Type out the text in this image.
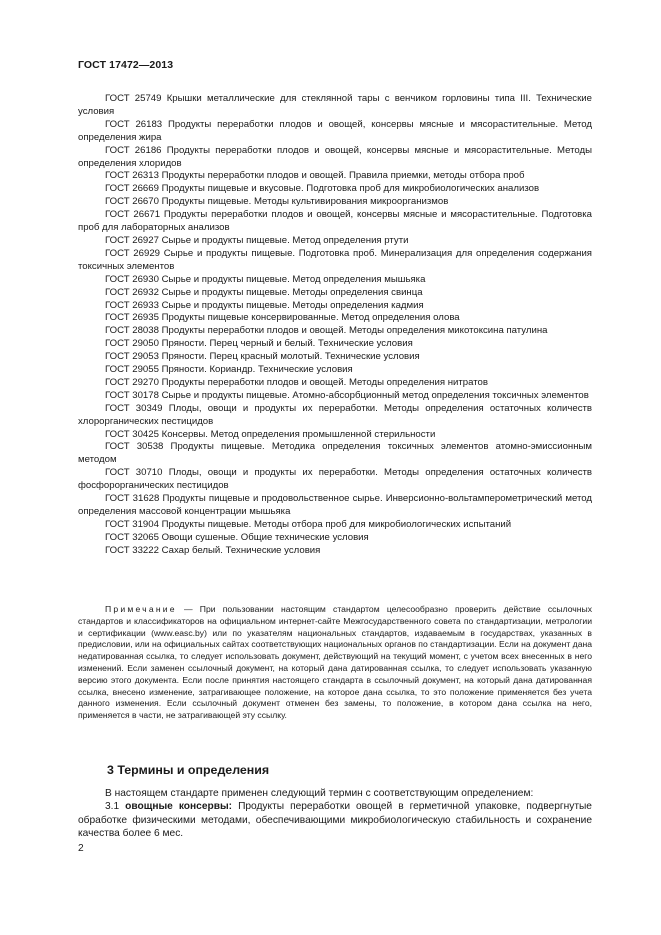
ГОСТ 17472—2013

ГОСТ 25749 Крышки металлические для стеклянной тары с венчиком горловины типа III. Технические условия

ГОСТ 26183 Продукты переработки плодов и овощей, консервы мясные и мясорастительные. Метод определения жира

ГОСТ 26186 Продукты переработки плодов и овощей, консервы мясные и мясорастительные. Методы определения хлоридов

ГОСТ 26313 Продукты переработки плодов и овощей. Правила приемки, методы отбора проб

ГОСТ 26669 Продукты пищевые и вкусовые. Подготовка проб для микробиологических анализов

ГОСТ 26670 Продукты пищевые. Методы культивирования микроорганизмов

ГОСТ 26671 Продукты переработки плодов и овощей, консервы мясные и мясорастительные. Подготовка проб для лабораторных анализов

ГОСТ 26927 Сырье и продукты пищевые. Метод определения ртути

ГОСТ 26929 Сырье и продукты пищевые. Подготовка проб. Минерализация для определения содержания токсичных элементов

ГОСТ 26930 Сырье и продукты пищевые. Метод определения мышьяка

ГОСТ 26932 Сырье и продукты пищевые. Методы определения свинца

ГОСТ 26933 Сырье и продукты пищевые. Методы определения кадмия

ГОСТ 26935 Продукты пищевые консервированные. Метод определения олова

ГОСТ 28038 Продукты переработки плодов и овощей. Методы определения микотоксина патулина

ГОСТ 29050 Пряности. Перец черный и белый. Технические условия

ГОСТ 29053 Пряности. Перец красный молотый. Технические условия

ГОСТ 29055 Пряности. Кориандр. Технические условия

ГОСТ 29270 Продукты переработки плодов и овощей. Методы определения нитратов

ГОСТ 30178 Сырье и продукты пищевые. Атомно-абсорбционный метод определения токсичных элементов

ГОСТ 30349 Плоды, овощи и продукты их переработки. Методы определения остаточных количеств хлорорганических пестицидов

ГОСТ 30425 Консервы. Метод определения промышленной стерильности

ГОСТ 30538 Продукты пищевые. Методика определения токсичных элементов атомно-эмиссионным методом

ГОСТ 30710 Плоды, овощи и продукты их переработки. Методы определения остаточных количеств фосфорорганических пестицидов

ГОСТ 31628 Продукты пищевые и продовольственное сырье. Инверсионно-вольтамперометрический метод определения массовой концентрации мышьяка

ГОСТ 31904 Продукты пищевые. Методы отбора проб для микробиологических испытаний

ГОСТ 32065 Овощи сушеные. Общие технические условия

ГОСТ 33222 Сахар белый. Технические условия

Примечание — При пользовании настоящим стандартом целесообразно проверить действие ссылочных стандартов и классификаторов на официальном интернет-сайте Межгосударственного совета по стандартизации, метрологии и сертификации (www.easc.by) или по указателям национальных стандартов, издаваемым в государствах, указанных в предисловии, или на официальных сайтах соответствующих национальных органов по стандартизации. Если на документ дана недатированная ссылка, то следует использовать документ, действующий на текущий момент, с учетом всех внесенных в него изменений. Если заменен ссылочный документ, на который дана датированная ссылка, то следует использовать указанную версию этого документа. Если после принятия настоящего стандарта в ссылочный документ, на который дана датированная ссылка, внесено изменение, затрагивающее положение, на которое дана ссылка, то это положение применяется без учета данного изменения. Если ссылочный документ отменен без замены, то положение, в котором дана ссылка на него, применяется в части, не затрагивающей эту ссылку.

3 Термины и определения

В настоящем стандарте применен следующий термин с соответствующим определением:

3.1 овощные консервы: Продукты переработки овощей в герметичной упаковке, подвергнутые обработке физическими методами, обеспечивающими микробиологическую стабильность и сохранение качества более 6 мес.

2
